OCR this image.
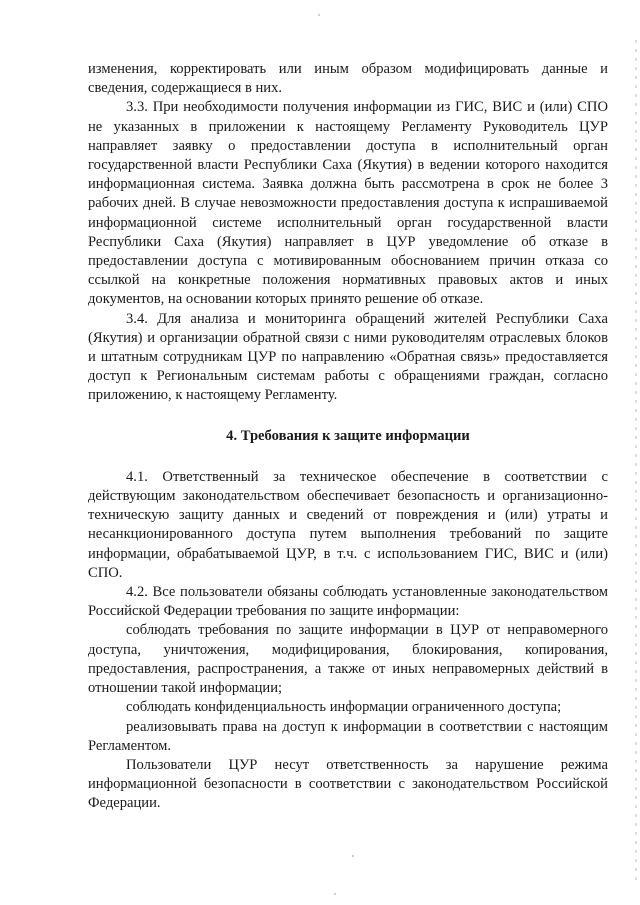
изменения, корректировать или иным образом модифицировать данные и сведения, содержащиеся в них.

3.3. При необходимости получения информации из ГИС, ВИС и (или) СПО не указанных в приложении к настоящему Регламенту Руководитель ЦУР направляет заявку о предоставлении доступа в исполнительный орган государственной власти Республики Саха (Якутия) в ведении которого находится информационная система. Заявка должна быть рассмотрена в срок не более 3 рабочих дней. В случае невозможности предоставления доступа к испрашиваемой информационной системе исполнительный орган государственной власти Республики Саха (Якутия) направляет в ЦУР уведомление об отказе в предоставлении доступа с мотивированным обоснованием причин отказа со ссылкой на конкретные положения нормативных правовых актов и иных документов, на основании которых принято решение об отказе.

3.4. Для анализа и мониторинга обращений жителей Республики Саха (Якутия) и организации обратной связи с ними руководителям отраслевых блоков и штатным сотрудникам ЦУР по направлению «Обратная связь» предоставляется доступ к Региональным системам работы с обращениями граждан, согласно приложению, к настоящему Регламенту.

4. Требования к защите информации

4.1. Ответственный за техническое обеспечение в соответствии с действующим законодательством обеспечивает безопасность и организационно-техническую защиту данных и сведений от повреждения и (или) утраты и несанкционированного доступа путем выполнения требований по защите информации, обрабатываемой ЦУР, в т.ч. с использованием ГИС, ВИС и (или) СПО.

4.2. Все пользователи обязаны соблюдать установленные законодательством Российской Федерации требования по защите информации:

соблюдать требования по защите информации в ЦУР от неправомерного доступа, уничтожения, модифицирования, блокирования, копирования, предоставления, распространения, а также от иных неправомерных действий в отношении такой информации;

соблюдать конфиденциальность информации ограниченного доступа;

реализовывать права на доступ к информации в соответствии с настоящим Регламентом.

Пользователи ЦУР несут ответственность за нарушение режима информационной безопасности в соответствии с законодательством Российской Федерации.
